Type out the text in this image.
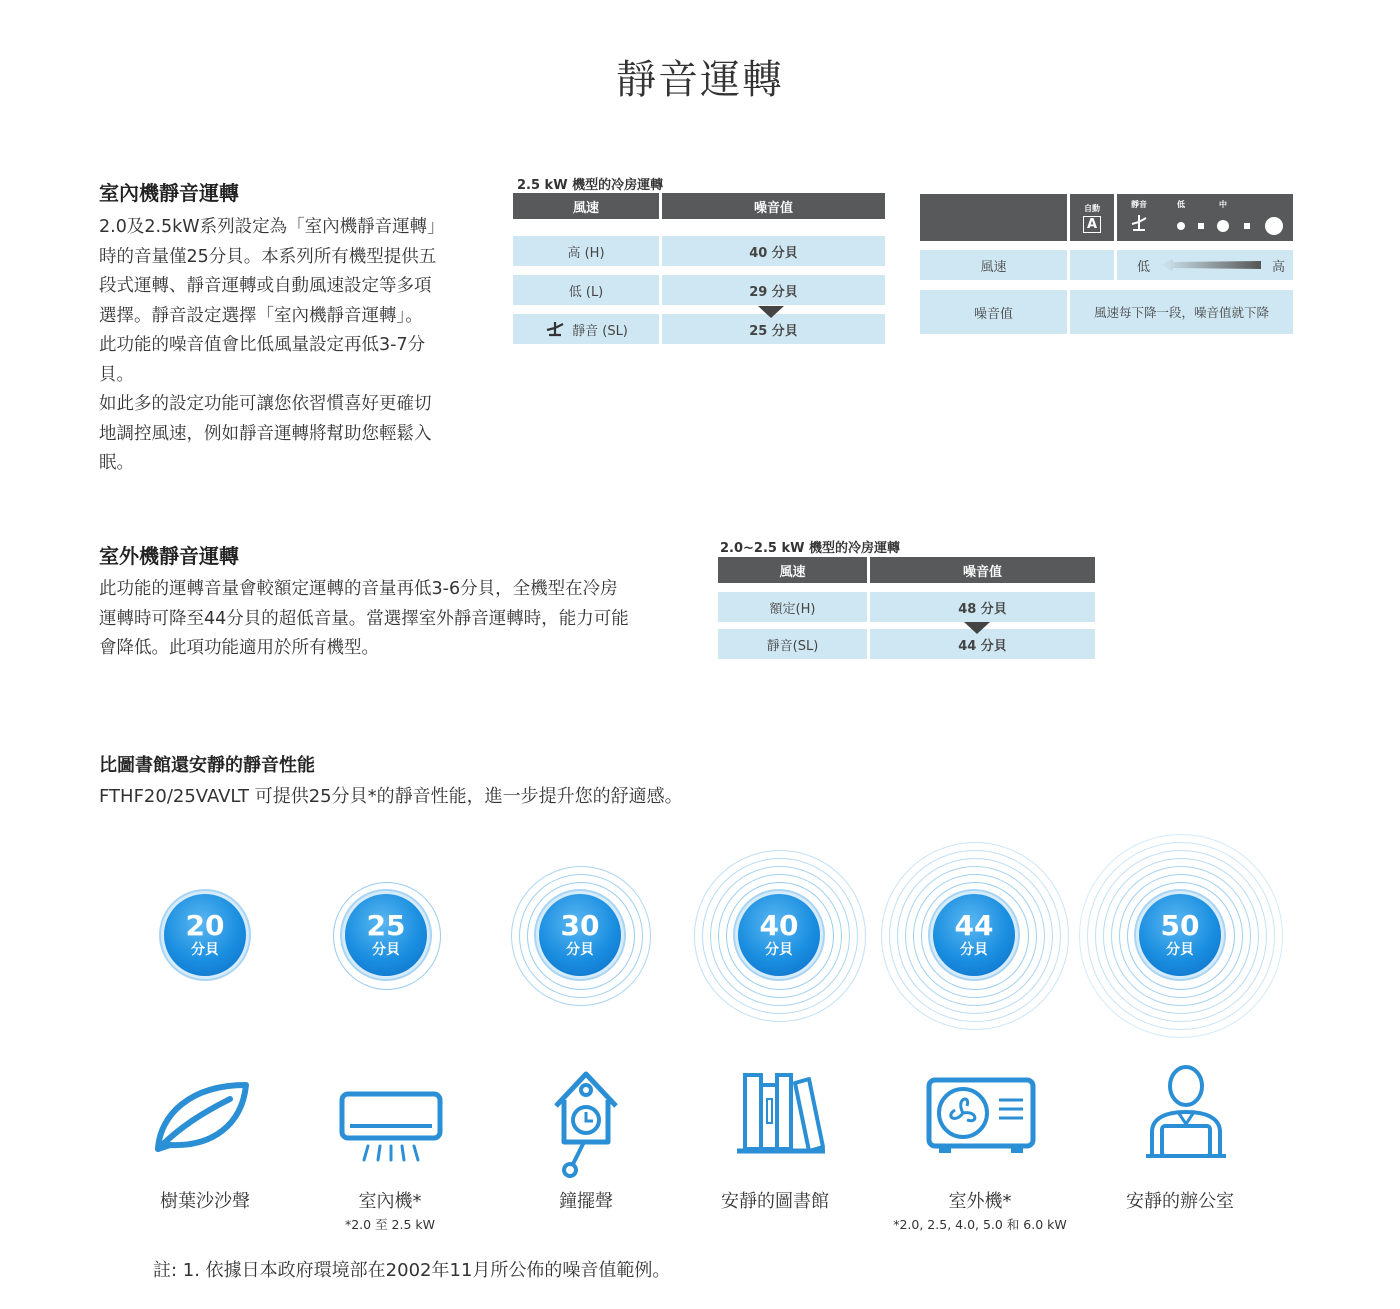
靜音運轉
室內機靜音運轉
2.0及2.5kW系列設定為「室內機靜音運轉」
時的音量僅25分貝。本系列所有機型提供五
段式運轉、靜音運轉或自動風速設定等多項
選擇。靜音設定選擇「室內機靜音運轉」。
此功能的噪音值會比低風量設定再低3-7分
貝。
如此多的設定功能可讓您依習慣喜好更確切
地調控風速，例如靜音運轉將幫助您輕鬆入
眠。
2.5 kW 機型的冷房運轉
風速	噪音值
高 (H)	40 分貝
低 (L)	29 分貝
靜音 (SL)	25 分貝
自動
A
靜音	低	中
風速	低	高
噪音值	風速每下降一段，噪音值就下降
室外機靜音運轉
此功能的運轉音量會較額定運轉的音量再低3-6分貝，全機型在冷房
運轉時可降至44分貝的超低音量。當選擇室外靜音運轉時，能力可能
會降低。此項功能適用於所有機型。
2.0~2.5 kW 機型的冷房運轉
風速	噪音值
額定(H)	48 分貝
靜音(SL)	44 分貝
比圖書館還安靜的靜音性能
FTHF20/25VAVLT 可提供25分貝*的靜音性能，進一步提升您的舒適感。
20
分貝
25
分貝
30
分貝
40
分貝
44
分貝
50
分貝
樹葉沙沙聲	室內機*
*2.0 至 2.5 kW
鐘擺聲	安靜的圖書館	室外機*
*2.0, 2.5, 4.0, 5.0 和 6.0 kW
安靜的辦公室
註: 1. 依據日本政府環境部在2002年11月所公佈的噪音值範例。
